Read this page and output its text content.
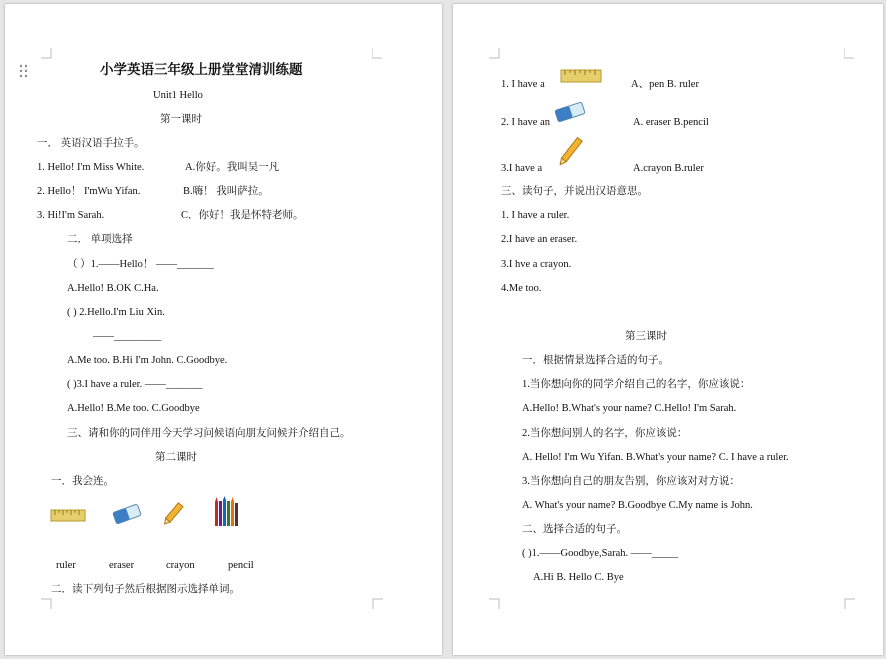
小学英语三年级上册堂堂清训练题
Unit1 Hello
第一课时
一． 英语汉语手拉手。
1. Hello! I'm Miss White.	A.你好。我叫吴一凡
2. Hello！ I'mWu Yifan.	B.嗨！ 我叫萨拉。
3. Hi!I'm Sarah.	C．你好！我是怀特老师。
二． 单项选择
（ ）1.——Hello！ ——_______
A.Hello! B.OK C.Ha.
( ) 2.Hello.I'm Liu Xin.
——_________
A.Me too. B.Hi I'm John. C.Goodbye.
( )3.I have a ruler. ——_______
A.Hello! B.Me too. C.Goodbye
三、请和你的同伴用今天学习问候语向朋友问候并介绍自己。
第二课时
一．我会连。
ruler	eraser	crayon	pencil
二．读下列句子然后根据图示选择单词。
1. I have a	A、pen B. ruler
2. I have an	A. eraser B.pencil
3.I have a	A.crayon B.ruler
三、读句子，并说出汉语意思。
1. I have a ruler.
2.I have an eraser.
3.I hve a crayon.
4.Me too.
第三课时
一．根据情景选择合适的句子。
1.当你想向你的同学介绍自己的名字，你应该说：
A.Hello! B.What's your name? C.Hello! I'm Sarah.
2.当你想问别人的名字，你应该说：
A. Hello! I'm Wu Yifan. B.What's your name? C. I have a ruler.
3.当你想向自己的朋友告别，你应该对对方说：
A. What's your name? B.Goodbye C.My name is John.
二、选择合适的句子。
( )1.——Goodbye,Sarah. ——_____
A.Hi B. Hello C. Bye
